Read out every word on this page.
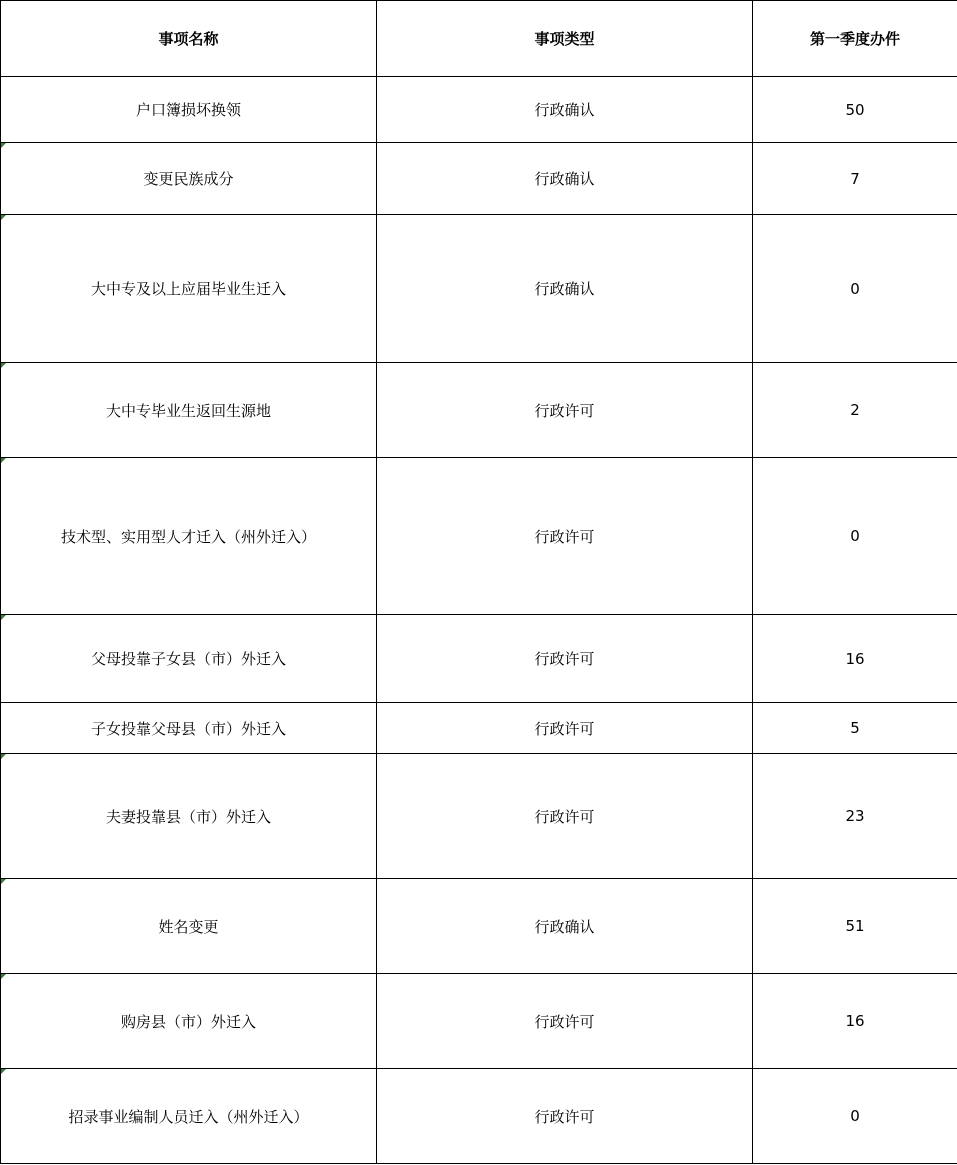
事项名称	事项类型	第一季度办件
户口簿损坏换领	行政确认	50

变更民族成分	行政确认	7

大中专及以上应届毕业生迁入	行政确认	0

大中专毕业生返回生源地	行政许可	2

技术型、实用型人才迁入（州外迁入）	行政许可	0

父母投靠子女县（市）外迁入	行政许可	16
子女投靠父母县（市）外迁入	行政许可	5

夫妻投靠县（市）外迁入	行政许可	23

姓名变更	行政确认	51

购房县（市）外迁入	行政许可	16

招录事业编制人员迁入（州外迁入）	行政许可	0
